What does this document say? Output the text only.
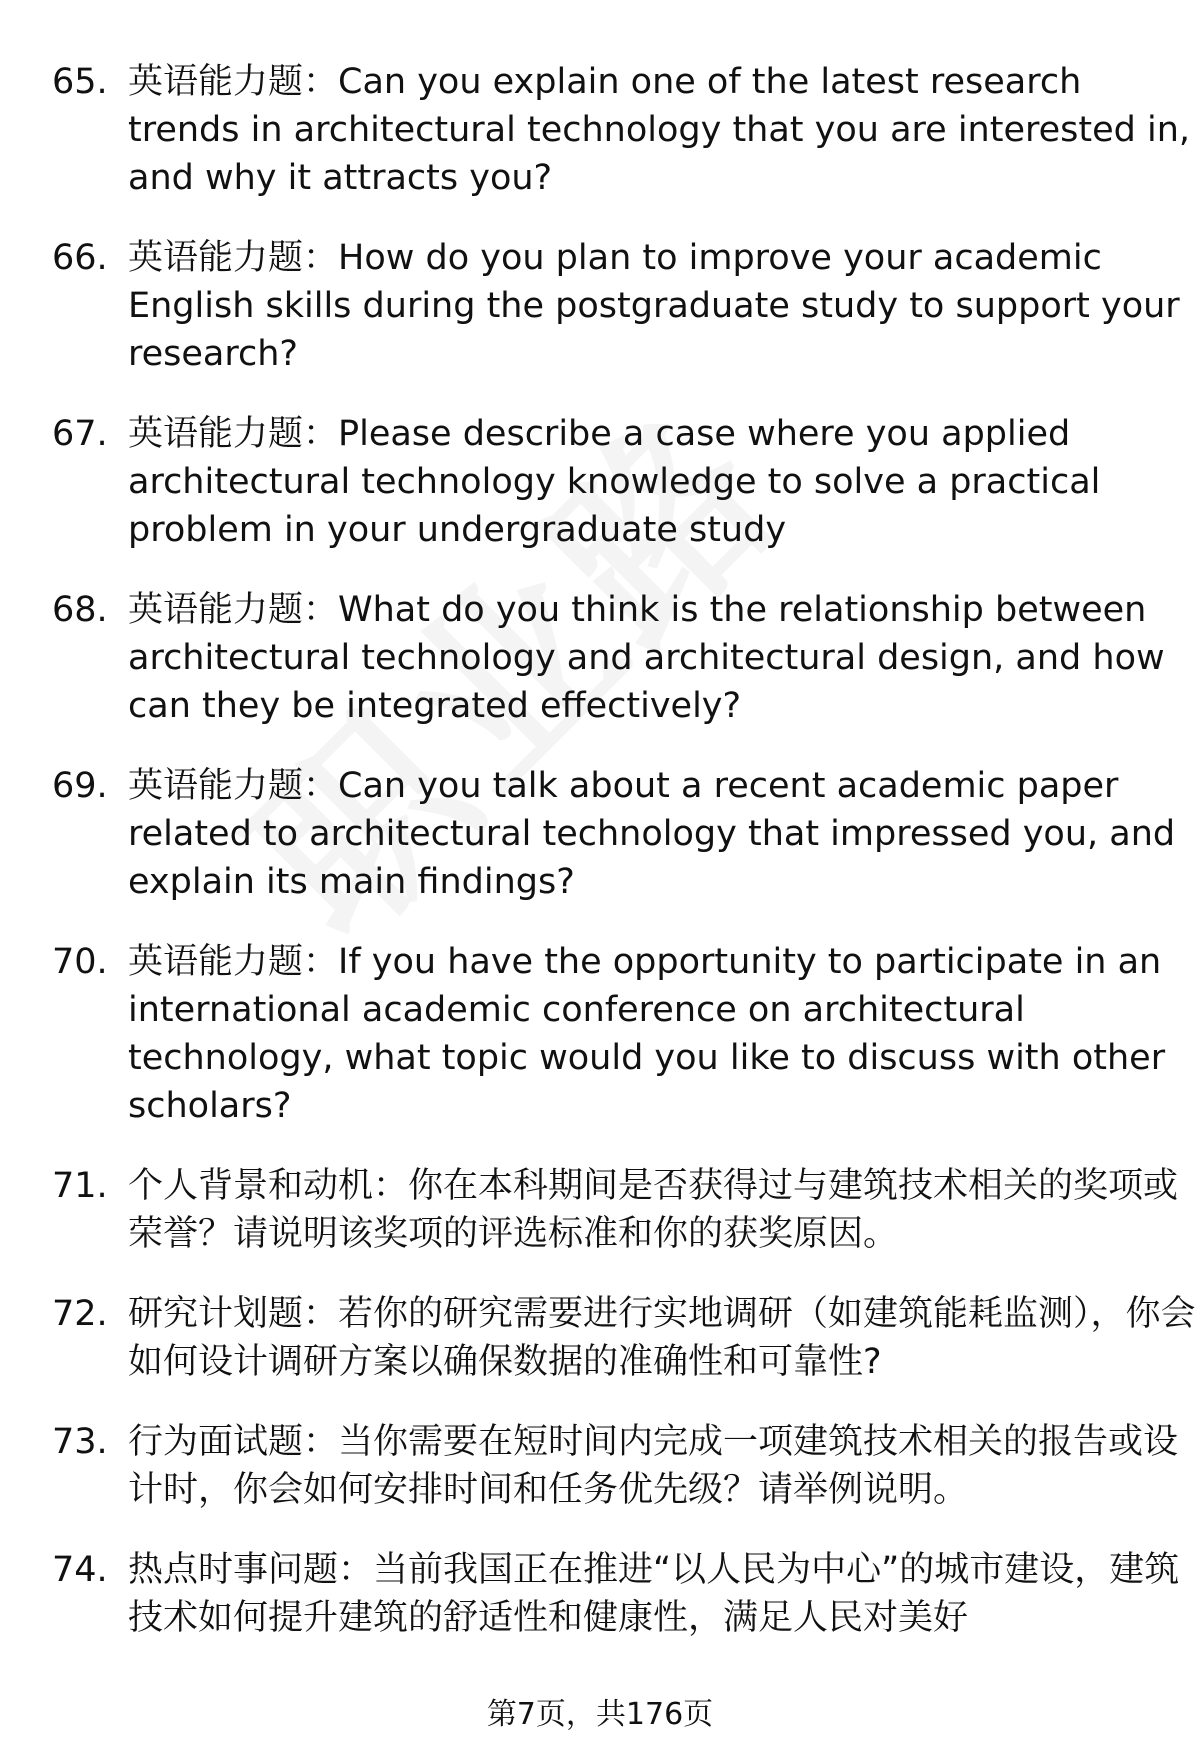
65. 英语能力题：Can you explain one of the latest research trends in architectural technology that you are interested in, and why it attracts you?
66. 英语能力题：How do you plan to improve your academic English skills during the postgraduate study to support your research?
67. 英语能力题：Please describe a case where you applied architectural technology knowledge to solve a practical problem in your undergraduate study
68. 英语能力题：What do you think is the relationship between architectural technology and architectural design, and how can they be integrated effectively?
69. 英语能力题：Can you talk about a recent academic paper related to architectural technology that impressed you, and explain its main findings?
70. 英语能力题：If you have the opportunity to participate in an international academic conference on architectural technology, what topic would you like to discuss with other scholars?
71. 个人背景和动机：你在本科期间是否获得过与建筑技术相关的奖项或荣誉？请说明该奖项的评选标准和你的获奖原因。
72. 研究计划题：若你的研究需要进行实地调研（如建筑能耗监测），你会如何设计调研方案以确保数据的准确性和可靠性?
73. 行为面试题：当你需要在短时间内完成一项建筑技术相关的报告或设计时，你会如何安排时间和任务优先级？请举例说明。
74. 热点时事问题：当前我国正在推进“以人民为中心”的城市建设，建筑技术如何提升建筑的舒适性和健康性，满足人民对美好
第7页，共176页
